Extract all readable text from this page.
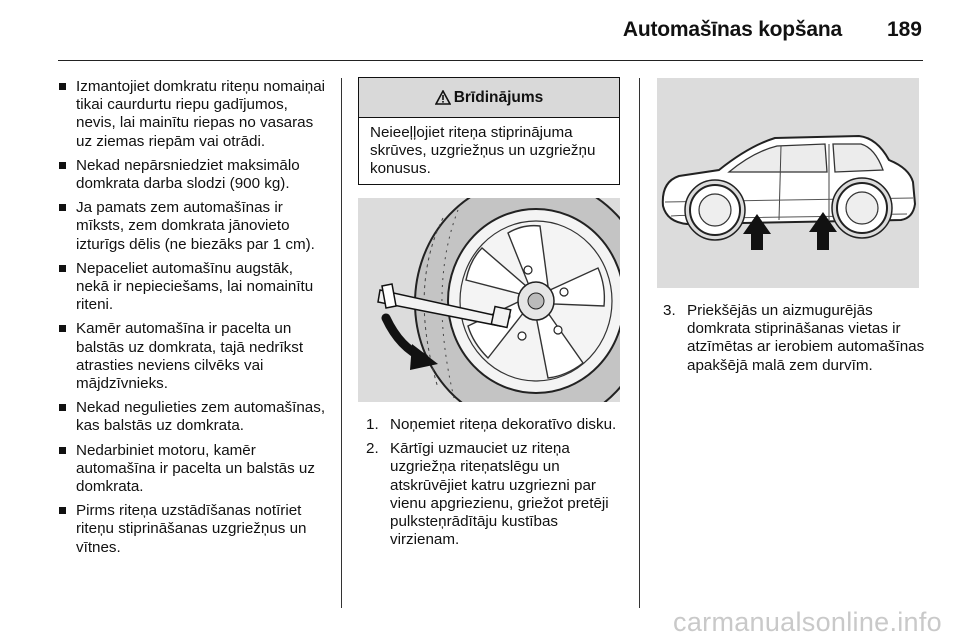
Automašīnas kopšana 189
Izmantojiet domkratu riteņu nomaiņai tikai caurdurtu riepu gadījumos, nevis, lai mainītu riepas no vasaras uz ziemas riepām vai otrādi.
Nekad nepārsniedziet maksimālo domkrata darba slodzi (900 kg).
Ja pamats zem automašīnas ir mīksts, zem domkrata jānovieto izturīgs dēlis (ne biezāks par 1 cm).
Nepaceliet automašīnu augstāk, nekā ir nepieciešams, lai nomainītu riteni.
Kamēr automašīna ir pacelta un balstās uz domkrata, tajā nedrīkst atrasties neviens cilvēks vai mājdzīvnieks.
Nekad negulieties zem automašīnas, kas balstās uz domkrata.
Nedarbiniet motoru, kamēr automašīna ir pacelta un balstās uz domkrata.
Pirms riteņa uzstādīšanas notīriet riteņu stiprināšanas uzgriežņus un vītnes.
Brīdinājums
Neieeļļojiet riteņa stiprinājuma skrūves, uzgriežņus un uzgriežņu konusus.
1. Noņemiet riteņa dekoratīvo disku.
2. Kārtīgi uzmauciet uz riteņa uzgriežņa riteņatslēgu un atskrūvējiet katru uzgriezni par vienu apgriezienu, griežot pretēji pulksteņrādītāju kustības virzienam.
3. Priekšējās un aizmugurējās domkrata stiprināšanas vietas ir atzīmētas ar ierobiem automašīnas apakšējā malā zem durvīm.
carmanualsonline.info
